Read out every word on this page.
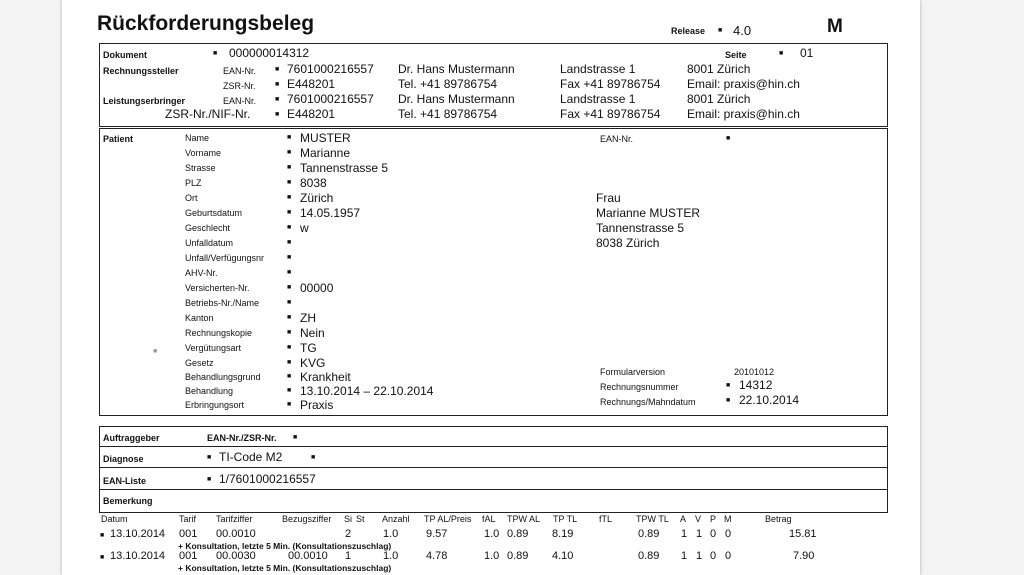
Rückforderungsbeleg	Release ■ 4.0	M
Dokument	■ 000000014312	Seite	■ 01
Rechnungssteller	EAN-Nr.	■ 7601000216557 Dr. Hans Mustermann	Landstrasse 1	8001 Zürich
ZSR-Nr.	■ E448201	Tel. +41 89786754	Fax +41 89786754 Email: praxis@hin.ch
Leistungserbringer	EAN-Nr.	■ 7601000216557 Dr. Hans Mustermann	Landstrasse 1	8001 Zürich
ZSR-Nr./NIF-Nr.	■ E448201	Tel. +41 89786754	Fax +41 89786754 Email: praxis@hin.ch
Patient	Name	■ MUSTER
Vorname	■ Marianne
Strasse	■ Tannenstrasse 5
PLZ	■ 8038
Ort	■ Zürich
Geburtsdatum	■ 14.05.1957
Geschlecht	■ w
Unfalldatum	■
Unfall/Verfügungsnr	■
AHV-Nr.	■
Versicherten-Nr.	■ 00000
Betriebs-Nr./Name	■
Kanton	■ ZH
Rechnungskopie	■ Nein
Vergütungsart	■ TG
Gesetz	■ KVG
Behandlungsgrund	■ Krankheit
Behandlung	■ 13.10.2014 – 22.10.2014
Erbringungsort	■ Praxis
■
EAN-Nr.	■
Frau
Marianne MUSTER
Tannenstrasse 5
8038 Zürich
Formularversion	20101012
Rechnungsnummer	■ 14312
Rechnungs/Mahndatum	■ 22.10.2014
Auftraggeber	EAN-Nr./ZSR-Nr. ■
Diagnose	■ TI-Code M2	■
EAN-Liste	■ 1/7601000216557
Bemerkung
Datum	Tarif Tarifziffer	Bezugsziffer Si St Anzahl TP AL/Preis fAL TPW AL TP TL fTL	TPW TL A V P M	Betrag
■ 13.10.2014 001 00.0010	2	1.0	9.57	1.0 0.89 8.19	0.89 1 1 0 0	15.81
+ Konsultation, letzte 5 Min. (Konsultationszuschlag)
■ 13.10.2014 001 00.0030	00.0010 1	1.0	4.78	1.0 0.89 4.10	0.89 1 1 0 0	7.90
+ Konsultation, letzte 5 Min. (Konsultationszuschlag)
